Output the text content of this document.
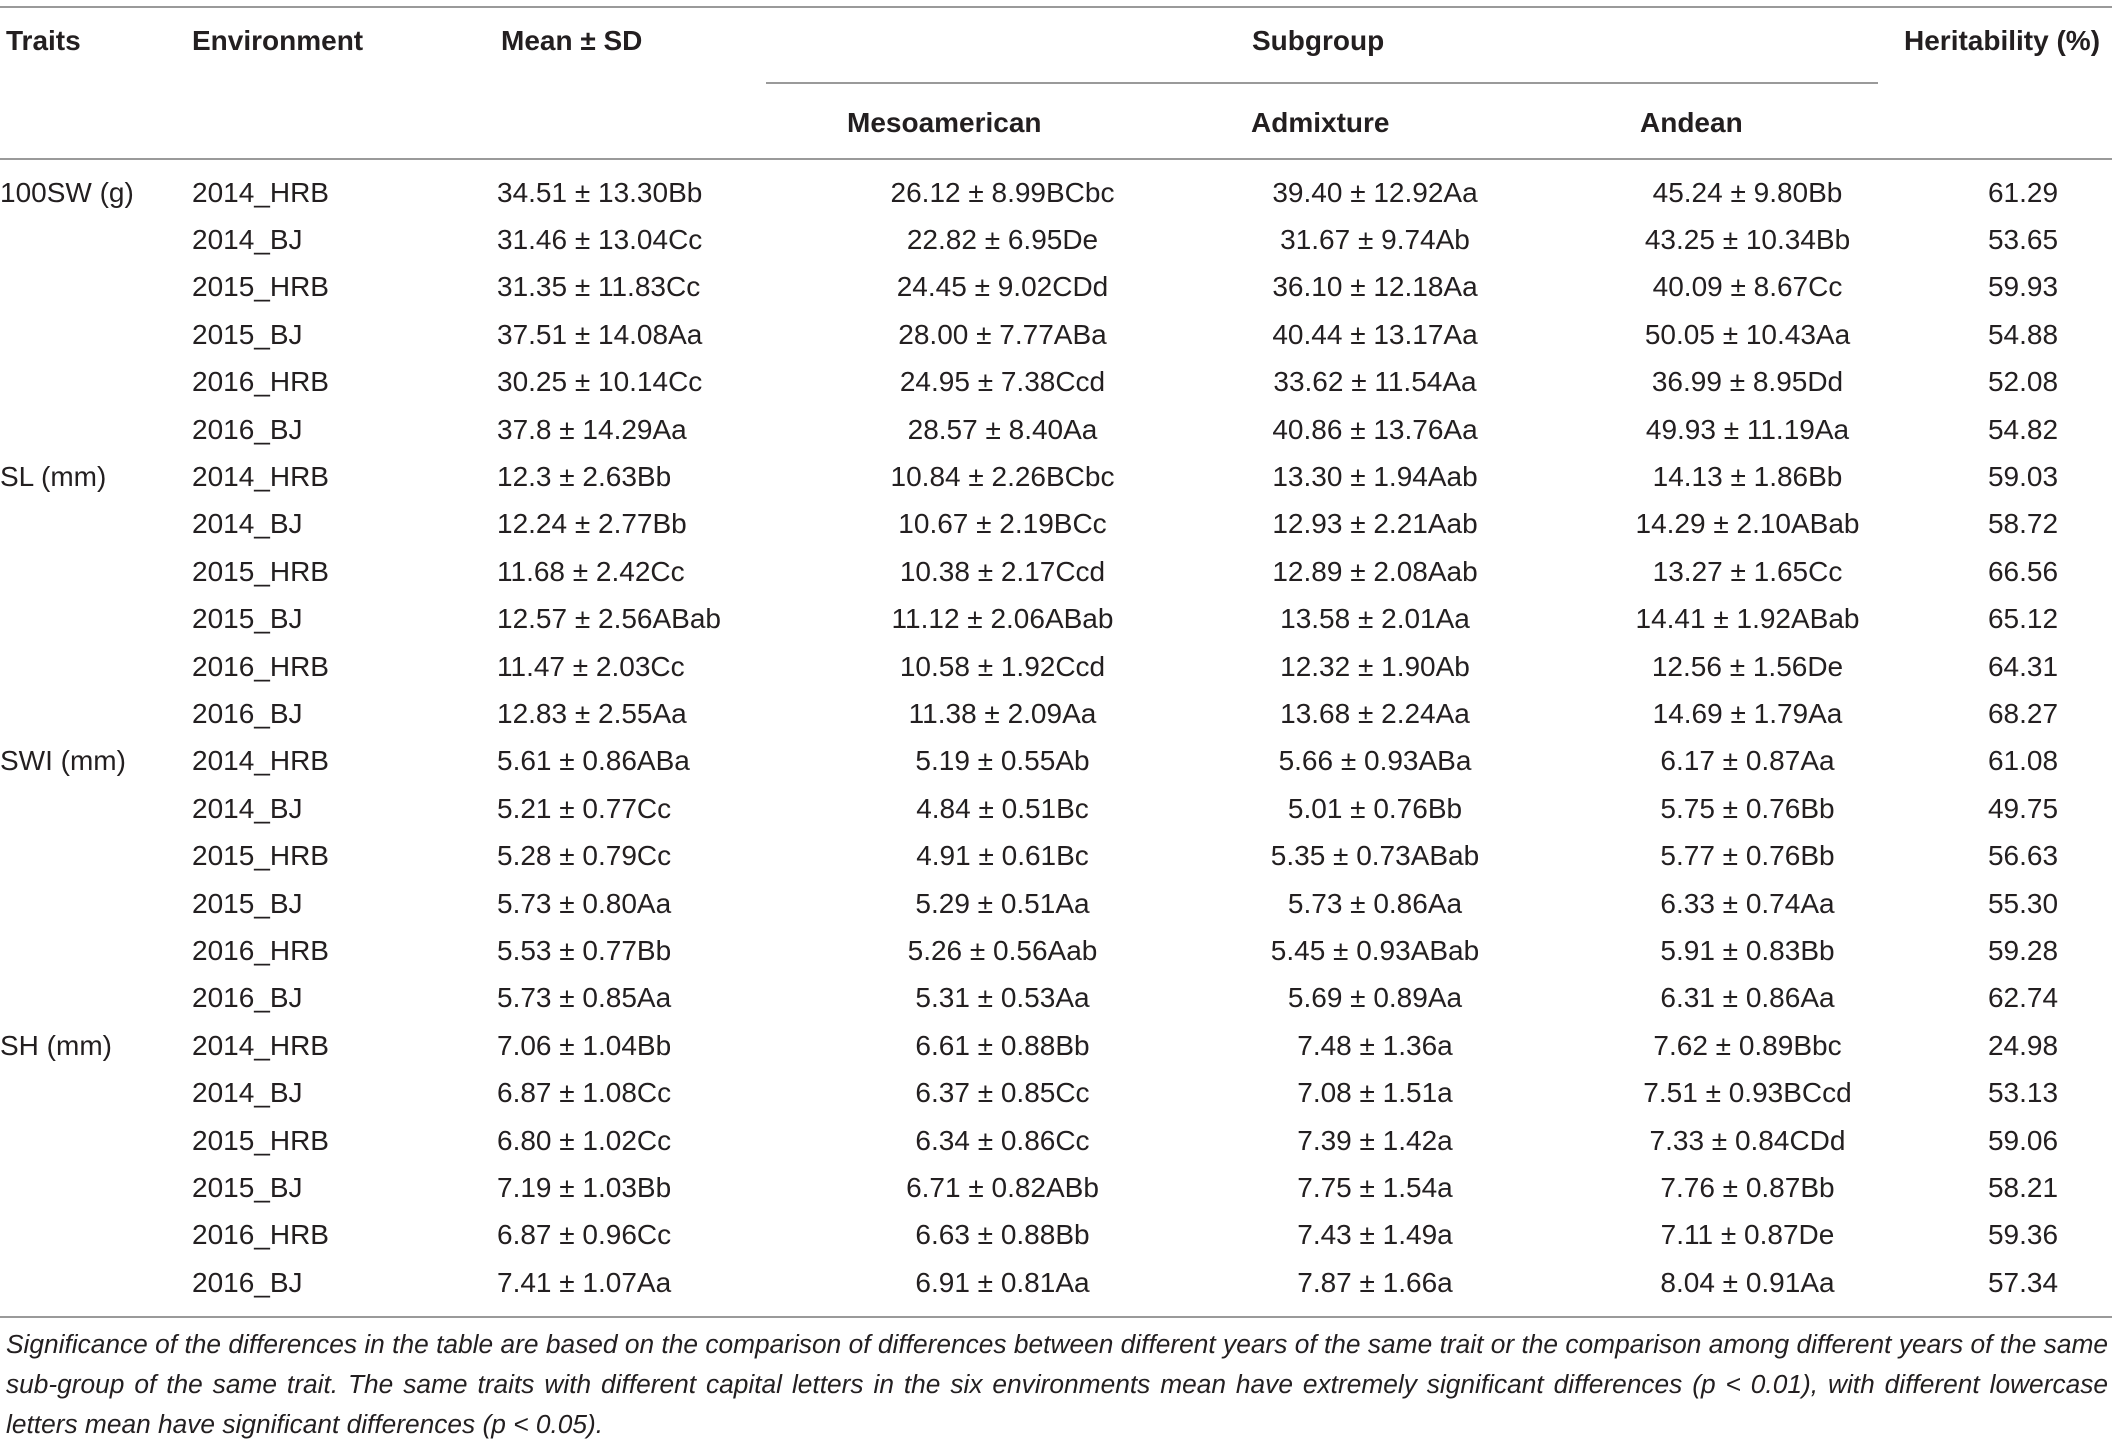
Traits	Environment	Mean ± SD	Subgroup	Heritability (%)
Mesoamerican	Admixture	Andean
100SW (g)	2014_HRB	34.51 ± 13.30Bb	26.12 ± 8.99BCbc	39.40 ± 12.92Aa	45.24 ± 9.80Bb	61.29
	2014_BJ	31.46 ± 13.04Cc	22.82 ± 6.95De	31.67 ± 9.74Ab	43.25 ± 10.34Bb	53.65
	2015_HRB	31.35 ± 11.83Cc	24.45 ± 9.02CDd	36.10 ± 12.18Aa	40.09 ± 8.67Cc	59.93
	2015_BJ	37.51 ± 14.08Aa	28.00 ± 7.77ABa	40.44 ± 13.17Aa	50.05 ± 10.43Aa	54.88
	2016_HRB	30.25 ± 10.14Cc	24.95 ± 7.38Ccd	33.62 ± 11.54Aa	36.99 ± 8.95Dd	52.08
	2016_BJ	37.8 ± 14.29Aa	28.57 ± 8.40Aa	40.86 ± 13.76Aa	49.93 ± 11.19Aa	54.82
SL (mm)	2014_HRB	12.3 ± 2.63Bb	10.84 ± 2.26BCbc	13.30 ± 1.94Aab	14.13 ± 1.86Bb	59.03
	2014_BJ	12.24 ± 2.77Bb	10.67 ± 2.19BCc	12.93 ± 2.21Aab	14.29 ± 2.10ABab	58.72
	2015_HRB	11.68 ± 2.42Cc	10.38 ± 2.17Ccd	12.89 ± 2.08Aab	13.27 ± 1.65Cc	66.56
	2015_BJ	12.57 ± 2.56ABab	11.12 ± 2.06ABab	13.58 ± 2.01Aa	14.41 ± 1.92ABab	65.12
	2016_HRB	11.47 ± 2.03Cc	10.58 ± 1.92Ccd	12.32 ± 1.90Ab	12.56 ± 1.56De	64.31
	2016_BJ	12.83 ± 2.55Aa	11.38 ± 2.09Aa	13.68 ± 2.24Aa	14.69 ± 1.79Aa	68.27
SWI (mm)	2014_HRB	5.61 ± 0.86ABa	5.19 ± 0.55Ab	5.66 ± 0.93ABa	6.17 ± 0.87Aa	61.08
	2014_BJ	5.21 ± 0.77Cc	4.84 ± 0.51Bc	5.01 ± 0.76Bb	5.75 ± 0.76Bb	49.75
	2015_HRB	5.28 ± 0.79Cc	4.91 ± 0.61Bc	5.35 ± 0.73ABab	5.77 ± 0.76Bb	56.63
	2015_BJ	5.73 ± 0.80Aa	5.29 ± 0.51Aa	5.73 ± 0.86Aa	6.33 ± 0.74Aa	55.30
	2016_HRB	5.53 ± 0.77Bb	5.26 ± 0.56Aab	5.45 ± 0.93ABab	5.91 ± 0.83Bb	59.28
	2016_BJ	5.73 ± 0.85Aa	5.31 ± 0.53Aa	5.69 ± 0.89Aa	6.31 ± 0.86Aa	62.74
SH (mm)	2014_HRB	7.06 ± 1.04Bb	6.61 ± 0.88Bb	7.48 ± 1.36a	7.62 ± 0.89Bbc	24.98
	2014_BJ	6.87 ± 1.08Cc	6.37 ± 0.85Cc	7.08 ± 1.51a	7.51 ± 0.93BCcd	53.13
	2015_HRB	6.80 ± 1.02Cc	6.34 ± 0.86Cc	7.39 ± 1.42a	7.33 ± 0.84CDd	59.06
	2015_BJ	7.19 ± 1.03Bb	6.71 ± 0.82ABb	7.75 ± 1.54a	7.76 ± 0.87Bb	58.21
	2016_HRB	6.87 ± 0.96Cc	6.63 ± 0.88Bb	7.43 ± 1.49a	7.11 ± 0.87De	59.36
	2016_BJ	7.41 ± 1.07Aa	6.91 ± 0.81Aa	7.87 ± 1.66a	8.04 ± 0.91Aa	57.34
Significance of the differences in the table are based on the comparison of differences between different years of the same trait or the comparison among different years of the same sub-group of the same trait. The same traits with different capital letters in the six environments mean have extremely significant differences (p < 0.01), with different lowercase letters mean have significant differences (p < 0.05).
